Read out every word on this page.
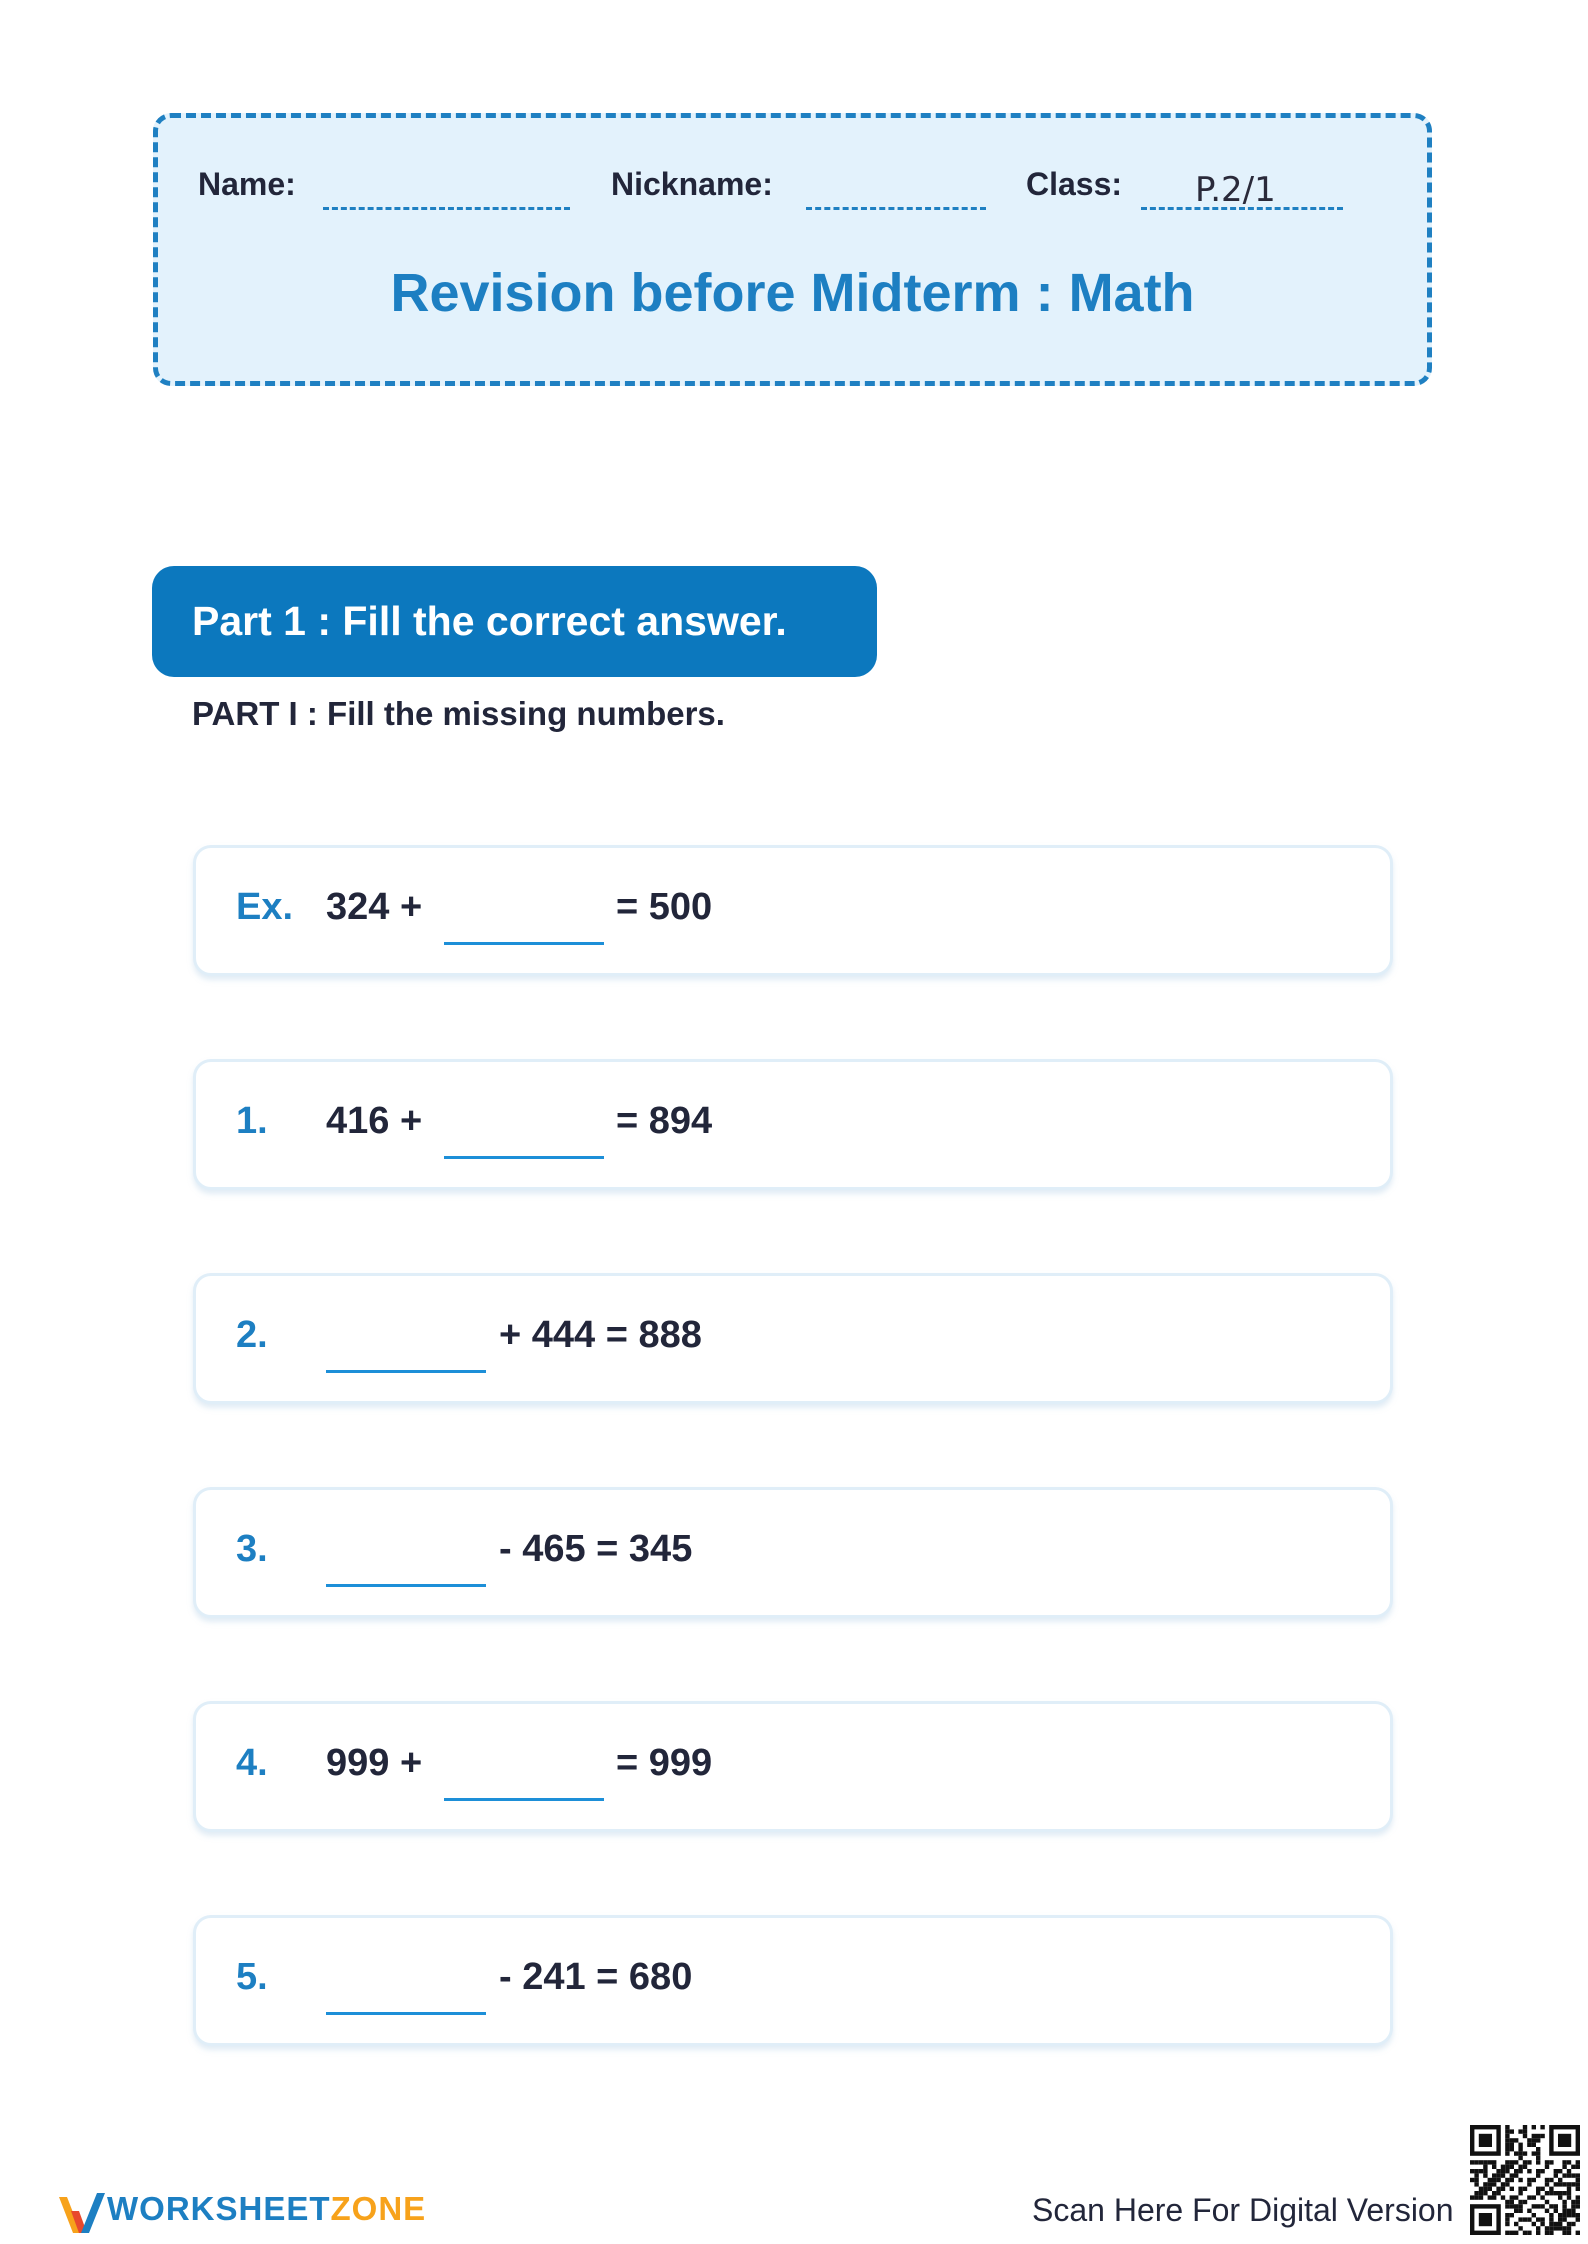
Name:	Nickname:	Class: P.2/1
Revision before Midterm : Math
Part 1 : Fill the correct answer.
PART I : Fill the missing numbers.
Ex. 324 +	= 500
1. 416 +	= 894
2.	+ 444 = 888
3.	- 465 = 345
4. 999 +	= 999
5.	- 241 = 680
WORKSHEETZONE	Scan Here For Digital Version
